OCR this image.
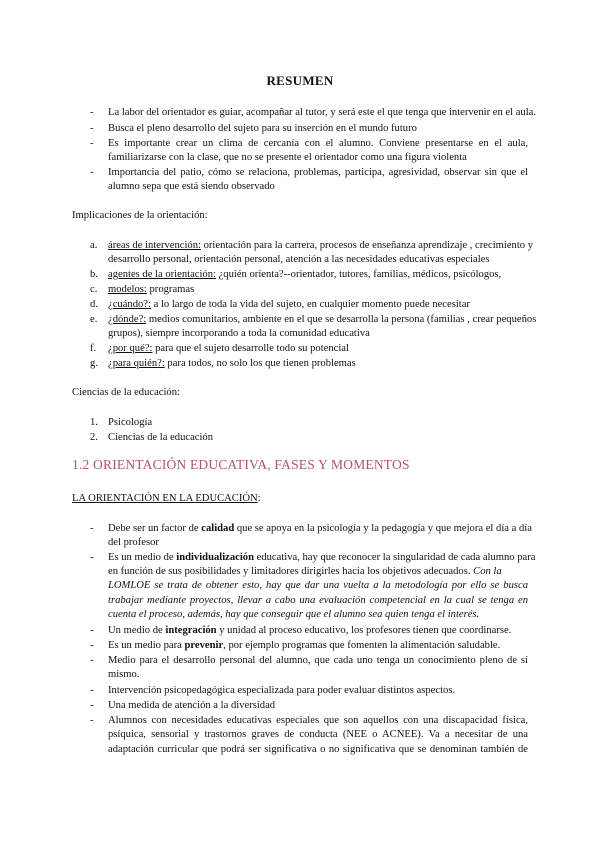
RESUMEN
- La labor del orientador es guiar, acompañar al tutor, y será este el que tenga que intervenir en el aula.
- Busca el pleno desarrollo del sujeto para su inserción en el mundo futuro
- Es importante crear un clima de cercanía con el alumno. Conviene presentarse en el aula,
familiarizarse con la clase, que no se presente el orientador como una figura violenta
- Importancia del patio, cómo se relaciona, problemas, participa, agresividad, observar sin que el
alumno sepa que está siendo observado
Implicaciones de la orientación:
a. áreas de intervención: orientación para la carrera, procesos de enseñanza aprendizaje , crecimiento y
desarrollo personal, orientación personal, atención a las necesidades educativas especiales
b. agentes de la orientación: ¿quién orienta?--orientador, tutores, familias, médicos, psicólogos,
c. modelos: programas
d. ¿cuándo?: a lo largo de toda la vida del sujeto, en cualquier momento puede necesitar
e. ¿dónde?: medios comunitarios, ambiente en el que se desarrolla la persona (familias , crear pequeños
grupos), siempre incorporando a toda la comunidad educativa
f. ¿por qué?: para que el sujeto desarrolle todo su potencial
g. ¿para quién?: para todos, no solo los que tienen problemas
Ciencias de la educación:
1. Psicología
2. Ciencias de la educación
1.2 ORIENTACIÓN EDUCATIVA, FASES Y MOMENTOS
LA ORIENTACIÓN EN LA EDUCACIÓN:
- Debe ser un factor de calidad que se apoya en la psicología y la pedagogía y que mejora el día a día
del profesor
- Es un medio de individualización educativa, hay que reconocer la singularidad de cada alumno para
en función de sus posibilidades y limitadores dirigirles hacia los objetivos adecuados. Con la
LOMLOE se trata de obtener esto, hay que dar una vuelta a la metodología por ello se busca
trabajar mediante proyectos, llevar a cabo una evaluación competencial en la cual se tenga en
cuenta el proceso, además, hay que conseguir que el alumno sea quien tenga el interés.
- Un medio de integración y unidad al proceso educativo, los profesores tienen que coordinarse.
- Es un medio para prevenir, por ejemplo programas que fomenten la alimentación saludable.
- Medio para el desarrollo personal del alumno, que cada uno tenga un conocimiento pleno de sí
mismo.
- Intervención psicopedagógica especializada para poder evaluar distintos aspectos.
- Una medida de atención a la diversidad
- Alumnos con necesidades educativas especiales que son aquellos con una discapacidad física,
psíquica, sensorial y trastornos graves de conducta (NEE o ACNEE). Va a necesitar de una
adaptación curricular que podrá ser significativa o no significativa que se denominan también de
